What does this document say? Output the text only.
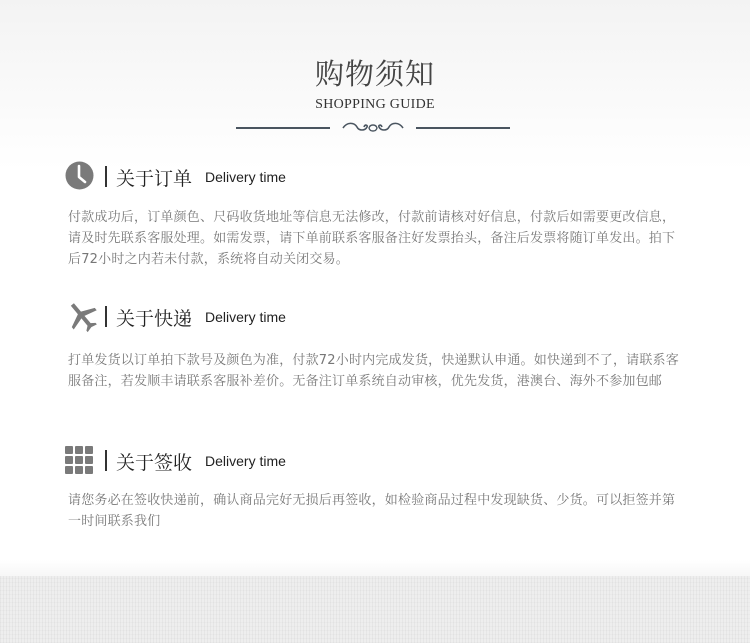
购物须知
SHOPPING GUIDE
关于订单 Delivery time
付款成功后，订单颜色、尺码收货地址等信息无法修改，付款前请核对好信息，付款后如需要更改信息，请及时先联系客服处理。如需发票，请下单前联系客服备注好发票抬头，备注后发票将随订单发出。拍下后72小时之内若未付款，系统将自动关闭交易。
关于快递 Delivery time
打单发货以订单拍下款号及颜色为准，付款72小时内完成发货，快递默认申通。如快递到不了，请联系客服备注，若发顺丰请联系客服补差价。无备注订单系统自动审核，优先发货，港澳台、海外不参加包邮
关于签收 Delivery time
请您务必在签收快递前，确认商品完好无损后再签收，如检验商品过程中发现缺货、少货。可以拒签并第一时间联系我们
